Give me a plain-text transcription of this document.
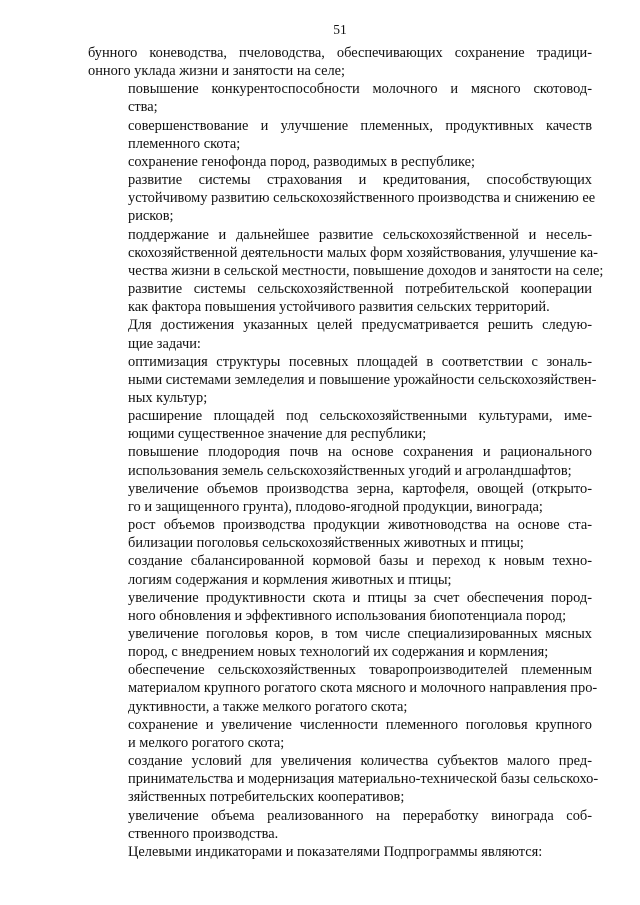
51

бунного коневодства, пчеловодства, обеспечивающих сохранение традици-
онного уклада жизни и занятости на селе;

повышение конкурентоспособности молочного и мясного скотовод-
ства;

совершенствование и улучшение племенных, продуктивных качеств
племенного скота;

сохранение генофонда пород, разводимых в республике;

развитие системы страхования и кредитования, способствующих
устойчивому развитию сельскохозяйственного производства и снижению ее
рисков;

поддержание и дальнейшее развитие сельскохозяйственной и несель-
скохозяйственной деятельности малых форм хозяйствования, улучшение ка-
чества жизни в сельской местности, повышение доходов и занятости на селе;

развитие системы сельскохозяйственной потребительской кооперации
как фактора повышения устойчивого развития сельских территорий.

Для достижения указанных целей предусматривается решить следую-
щие задачи:

оптимизация структуры посевных площадей в соответствии с зональ-
ными системами земледелия и повышение урожайности сельскохозяйствен-
ных культур;

расширение площадей под сельскохозяйственными культурами, име-
ющими существенное значение для республики;

повышение плодородия почв на основе сохранения и рационального
использования земель сельскохозяйственных угодий и агроландшафтов;

увеличение объемов производства зерна, картофеля, овощей (открыто-
го и защищенного грунта), плодово-ягодной продукции, винограда;

рост объемов производства продукции животноводства на основе ста-
билизации поголовья сельскохозяйственных животных и птицы;

создание сбалансированной кормовой базы и переход к новым техно-
логиям содержания и кормления животных и птицы;

увеличение продуктивности скота и птицы за счет обеспечения пород-
ного обновления и эффективного использования биопотенциала пород;

увеличение поголовья коров, в том числе специализированных мясных
пород, с внедрением новых технологий их содержания и кормления;

обеспечение сельскохозяйственных товаропроизводителей племенным
материалом крупного рогатого скота мясного и молочного направления про-
дуктивности, а также мелкого рогатого скота;

сохранение и увеличение численности племенного поголовья крупного
и мелкого рогатого скота;

создание условий для увеличения количества субъектов малого пред-
принимательства и модернизация материально-технической базы сельскохо-
зяйственных потребительских кооперативов;

увеличение объема реализованного на переработку винограда соб-
ственного производства.

Целевыми индикаторами и показателями Подпрограммы являются:
